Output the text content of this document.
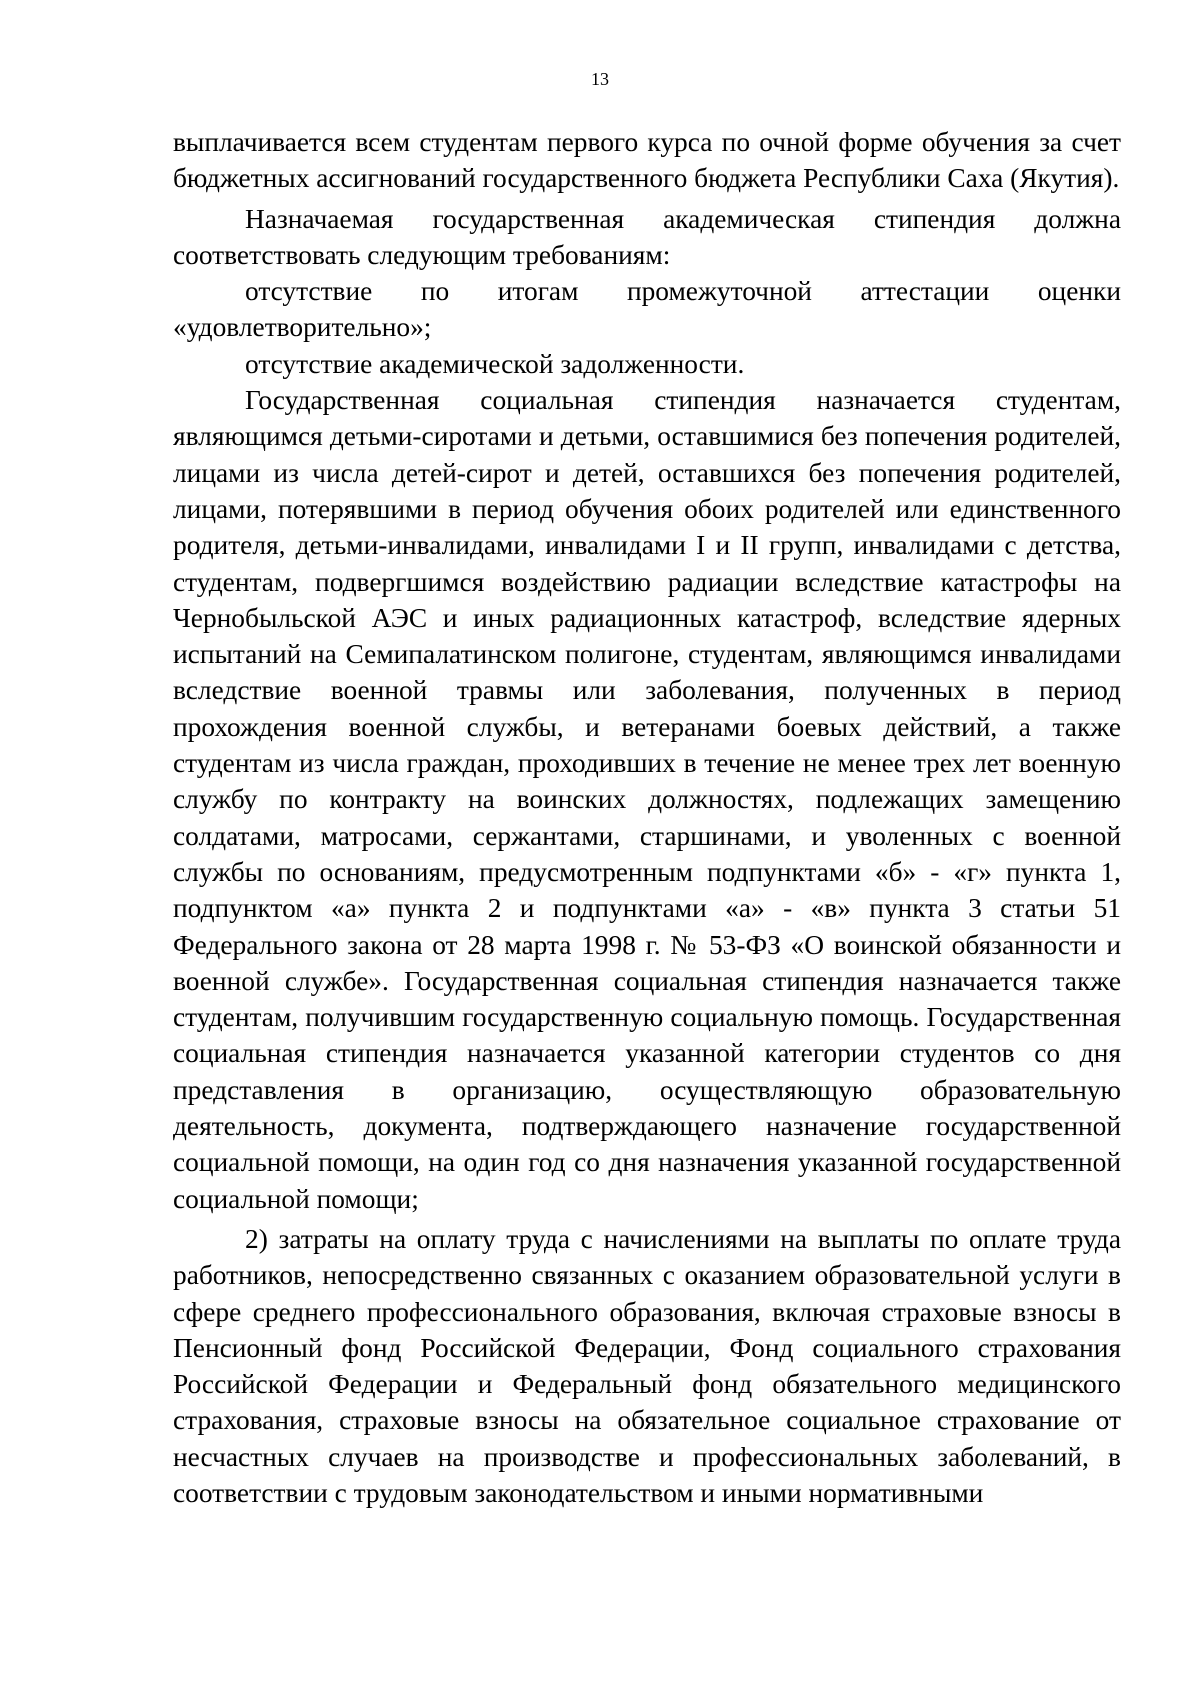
13

выплачивается всем студентам первого курса по очной форме обучения за счет бюджетных ассигнований государственного бюджета Республики Саха (Якутия).

Назначаемая государственная академическая стипендия должна соответствовать следующим требованиям:

отсутствие по итогам промежуточной аттестации оценки «удовлетворительно»;

отсутствие академической задолженности.

Государственная социальная стипендия назначается студентам, являющимся детьми-сиротами и детьми, оставшимися без попечения родителей, лицами из числа детей-сирот и детей, оставшихся без попечения родителей, лицами, потерявшими в период обучения обоих родителей или единственного родителя, детьми-инвалидами, инвалидами I и II групп, инвалидами с детства, студентам, подвергшимся воздействию радиации вследствие катастрофы на Чернобыльской АЭС и иных радиационных катастроф, вследствие ядерных испытаний на Семипалатинском полигоне, студентам, являющимся инвалидами вследствие военной травмы или заболевания, полученных в период прохождения военной службы, и ветеранами боевых действий, а также студентам из числа граждан, проходивших в течение не менее трех лет военную службу по контракту на воинских должностях, подлежащих замещению солдатами, матросами, сержантами, старшинами, и уволенных с военной службы по основаниям, предусмотренным подпунктами «б» - «г» пункта 1, подпунктом «а» пункта 2 и подпунктами «а» - «в» пункта 3 статьи 51 Федерального закона от 28 марта 1998 г. № 53-ФЗ «О воинской обязанности и военной службе». Государственная социальная стипендия назначается также студентам, получившим государственную социальную помощь. Государственная социальная стипендия назначается указанной категории студентов со дня представления в организацию, осуществляющую образовательную деятельность, документа, подтверждающего назначение государственной социальной помощи, на один год со дня назначения указанной государственной социальной помощи;

2) затраты на оплату труда с начислениями на выплаты по оплате труда работников, непосредственно связанных с оказанием образовательной услуги в сфере среднего профессионального образования, включая страховые взносы в Пенсионный фонд Российской Федерации, Фонд социального страхования Российской Федерации и Федеральный фонд обязательного медицинского страхования, страховые взносы на обязательное социальное страхование от несчастных случаев на производстве и профессиональных заболеваний, в соответствии с трудовым законодательством и иными нормативными
